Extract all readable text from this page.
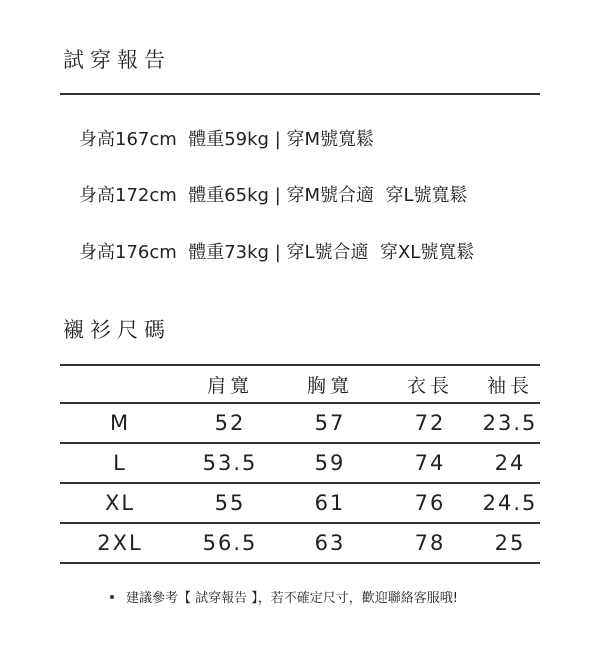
試穿報告
身高167cm  體重59kg | 穿M號寬鬆
身高172cm  體重65kg | 穿M號合適  穿L號寬鬆
身高176cm  體重73kg | 穿L號合適  穿XL號寬鬆
襯衫尺碼
	肩寬	胸寬	衣長	袖長
M	52	57	72	23.5
L	53.5	59	74	24
XL	55	61	76	24.5
2XL	56.5	63	78	25
建議參考【 試穿報告 】，若不確定尺寸，歡迎聯絡客服哦!
